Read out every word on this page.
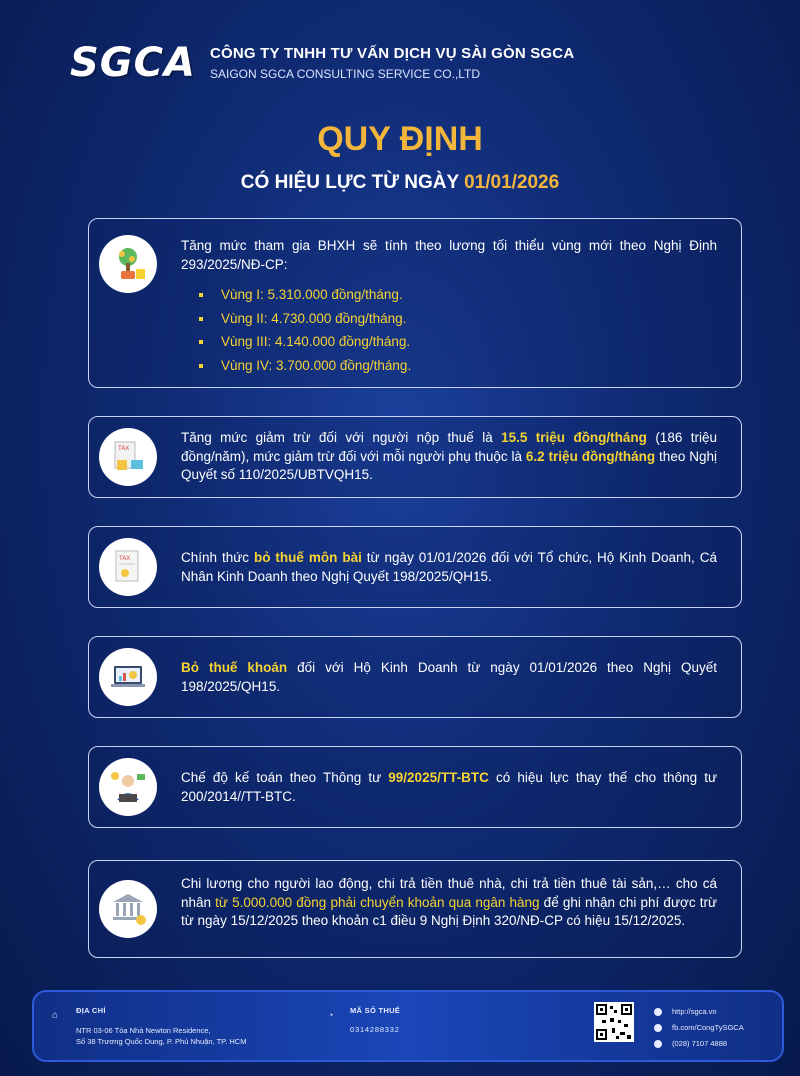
SGCA CÔNG TY TNHH TƯ VẤN DỊCH VỤ SÀI GÒN SGCA
SAIGON SGCA CONSULTING SERVICE CO.,LTD
QUY ĐỊNH
CÓ HIỆU LỰC TỪ NGÀY 01/01/2026
Tăng mức tham gia BHXH sẽ tính theo lương tối thiểu vùng mới theo Nghị Định 293/2025/NĐ-CP:
Vùng I: 5.310.000 đồng/tháng.
Vùng II: 4.730.000 đồng/tháng.
Vùng III: 4.140.000 đồng/tháng.
Vùng IV: 3.700.000 đồng/tháng.
TAX
Tăng mức giảm trừ đối với người nộp thuế là 15.5 triệu đồng/tháng (186 triệu đồng/năm), mức giảm trừ đối với mỗi người phụ thuộc là 6.2 triệu đồng/tháng theo Nghị Quyết số 110/2025/UBTVQH15.
TAX	Chính thức bỏ thuế môn bài từ ngày 01/01/2026 đối với Tổ chức, Hộ Kinh Doanh, Cá Nhân Kinh Doanh theo Nghị Quyết 198/2025/QH15.
Bỏ thuế khoán đối với Hộ Kinh Doanh từ ngày 01/01/2026 theo Nghị Quyết 198/2025/QH15.
Chế độ kế toán theo Thông tư 99/2025/TT-BTC có hiệu lực thay thế cho thông tư 200/2014//TT-BTC.
Chi lương cho người lao động, chi trả tiền thuê nhà, chi trả tiền thuê tài sản,… cho cá nhân từ 5.000.000 đồng phải chuyển khoản qua ngân hàng để ghi nhận chi phí được trừ từ ngày 15/12/2025 theo khoản c1 điều 9 Nghị Định 320/NĐ-CP có hiệu 15/12/2025.
⌂ ĐỊA CHỈ
NTR 03-06 Tòa Nhà Newton Residence,
Số 38 Trương Quốc Dung, P. Phú Nhuận, TP. HCM
◔ MÃ SỐ THUẾ
0314288332
http://sgca.vn
fb.com/CongTySGCA
(028) 7107 4888
